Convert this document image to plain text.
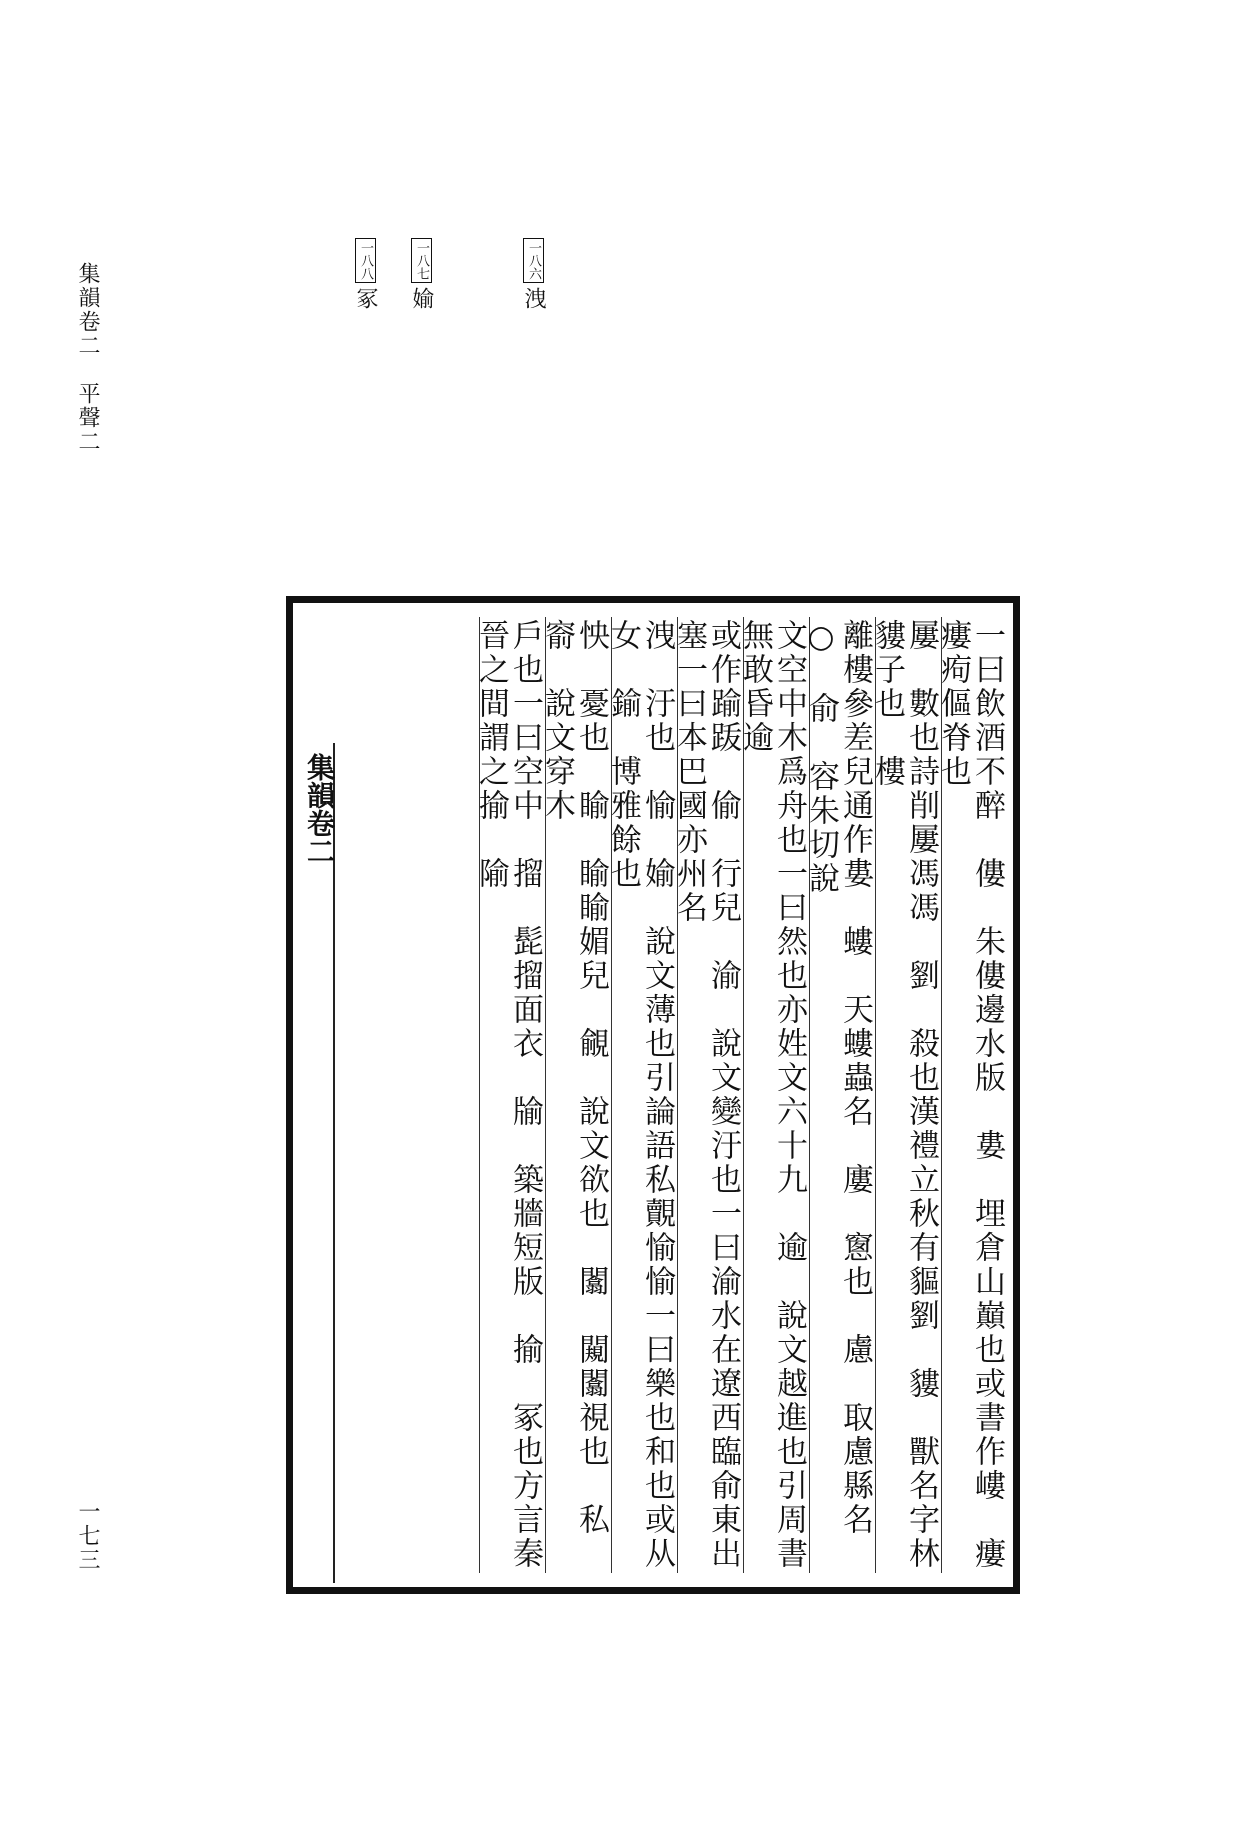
集韻卷二　平聲二
一七三
一八六洩
一八七媮
一八八冢
集韻卷二	一曰飲酒不醉　僂　朱僂邊水版　婁　埋倉山巔也或書作嶁　瘻　瘻痀傴脊也
屢　數也詩削屢馮馮　劉　殺也漢禮立秋有貙劉　貗　獸名字林貗子也　樓
離樓參差兒通作婁　螻　天螻蟲名　廔　窻也　慮　取慮縣名　○　俞　容朱切說
文空中木爲舟也一曰然也亦姓文六十九　逾　說文越進也引周書無敢昏逾
或作踰䟦　偷　行兒　渝　說文變汙也一曰渝水在遼西臨俞東出塞一曰本巴國亦州名
洩　汙也　愉　媮　說文薄也引論語私覿愉愉一曰樂也和也或从女　鍮　博雅餘也
怏　憂也　睮　睮睮媚兒　覦　說文欲也　闟　闚闟視也　私　窬　說文穿木
戶也一曰空中　㨨　髭㨨面衣　牏　築牆短版　揄　冢也方言秦晉之間謂之揄　隃
